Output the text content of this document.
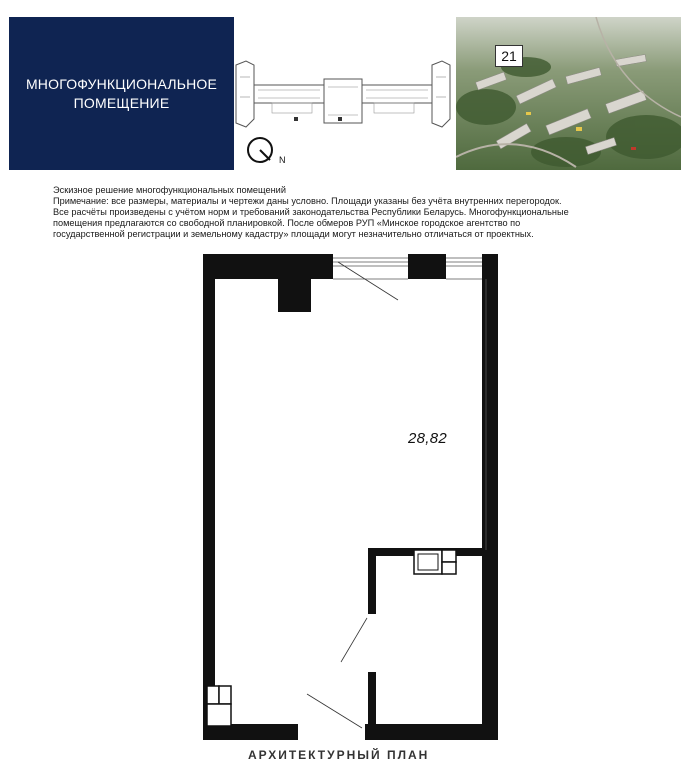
МНОГОФУНКЦИОНАЛЬНОЕ
ПОМЕЩЕНИЕ
N
21
Эскизное решение многофункциональных помещений
Примечание: все размеры, материалы и чертежи даны условно. Площади указаны без учёта внутренних перегородок.
Все расчёты произведены с учётом норм и требований законодательства Республики Беларусь. Многофункциональные
помещения предлагаются со свободной планировкой. После обмеров РУП «Минское городское агентство по
государственной регистрации и земельному кадастру» площади могут незначительно отличаться от проектных.
28,82
АРХИТЕКТУРНЫЙ ПЛАН
